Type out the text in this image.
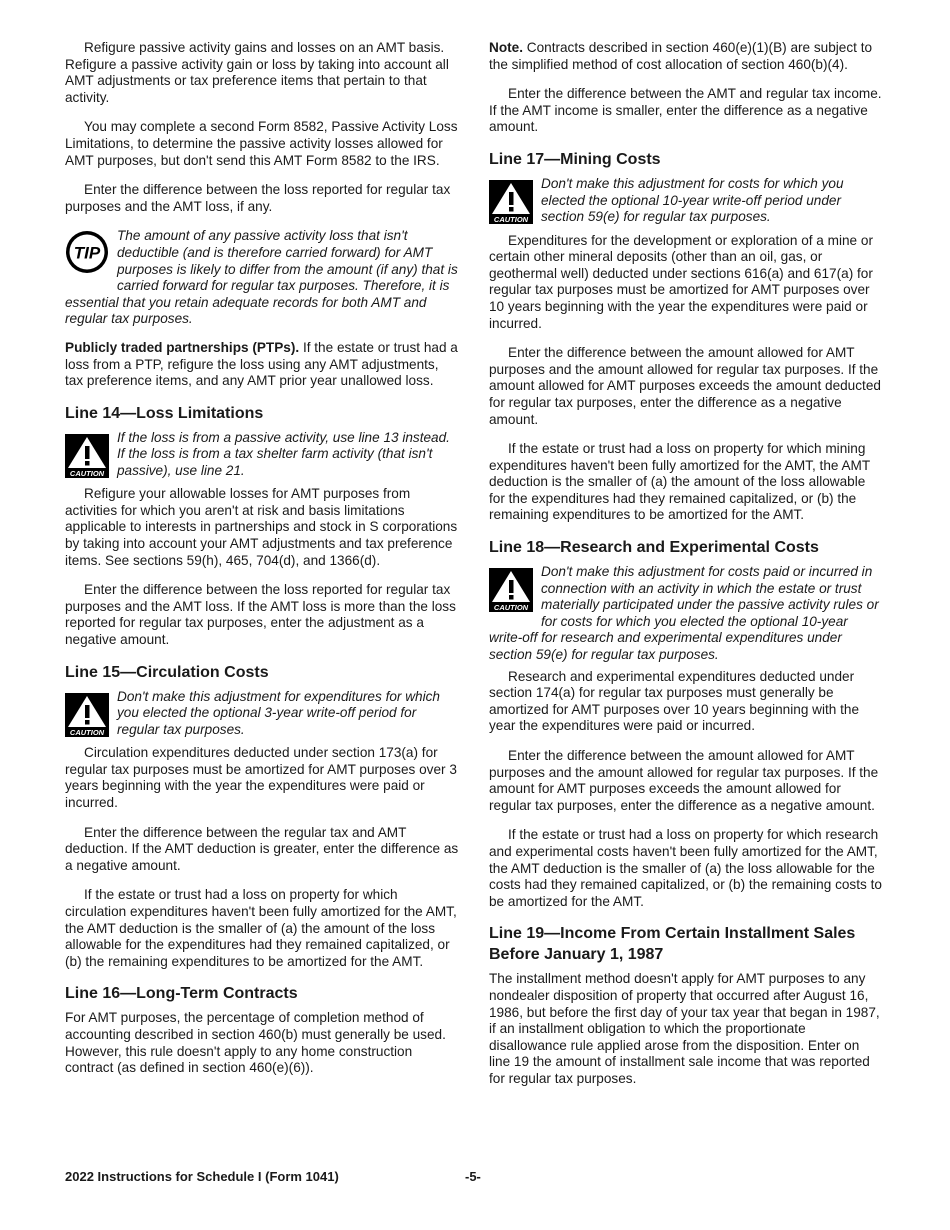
Refigure passive activity gains and losses on an AMT basis. Refigure a passive activity gain or loss by taking into account all AMT adjustments or tax preference items that pertain to that activity.

You may complete a second Form 8582, Passive Activity Loss Limitations, to determine the passive activity losses allowed for AMT purposes, but don't send this AMT Form 8582 to the IRS.

Enter the difference between the loss reported for regular tax purposes and the AMT loss, if any.

TIP
The amount of any passive activity loss that isn't deductible (and is therefore carried forward) for AMT purposes is likely to differ from the amount (if any) that is carried forward for regular tax purposes. Therefore, it is essential that you retain adequate records for both AMT and regular tax purposes.

Publicly traded partnerships (PTPs). If the estate or trust had a loss from a PTP, refigure the loss using any AMT adjustments, tax preference items, and any AMT prior year unallowed loss.

Line 14—Loss Limitations
CAUTION
If the loss is from a passive activity, use line 13 instead. If the loss is from a tax shelter farm activity (that isn't passive), use line 21.

Refigure your allowable losses for AMT purposes from activities for which you aren't at risk and basis limitations applicable to interests in partnerships and stock in S corporations by taking into account your AMT adjustments and tax preference items. See sections 59(h), 465, 704(d), and 1366(d).

Enter the difference between the loss reported for regular tax purposes and the AMT loss. If the AMT loss is more than the loss reported for regular tax purposes, enter the adjustment as a negative amount.

Line 15—Circulation Costs
CAUTION
Don't make this adjustment for expenditures for which you elected the optional 3-year write-off period for regular tax purposes.

Circulation expenditures deducted under section 173(a) for regular tax purposes must be amortized for AMT purposes over 3 years beginning with the year the expenditures were paid or incurred.

Enter the difference between the regular tax and AMT deduction. If the AMT deduction is greater, enter the difference as a negative amount.

If the estate or trust had a loss on property for which circulation expenditures haven't been fully amortized for the AMT, the AMT deduction is the smaller of (a) the amount of the loss allowable for the expenditures had they remained capitalized, or (b) the remaining expenditures to be amortized for the AMT.

Line 16—Long-Term Contracts

For AMT purposes, the percentage of completion method of accounting described in section 460(b) must generally be used. However, this rule doesn't apply to any home construction contract (as defined in section 460(e)(6)).

Note. Contracts described in section 460(e)(1)(B) are subject to the simplified method of cost allocation of section 460(b)(4).

Enter the difference between the AMT and regular tax income. If the AMT income is smaller, enter the difference as a negative amount.

Line 17—Mining Costs
CAUTION
Don't make this adjustment for costs for which you elected the optional 10-year write-off period under section 59(e) for regular tax purposes.

Expenditures for the development or exploration of a mine or certain other mineral deposits (other than an oil, gas, or geothermal well) deducted under sections 616(a) and 617(a) for regular tax purposes must be amortized for AMT purposes over 10 years beginning with the year the expenditures were paid or incurred.

Enter the difference between the amount allowed for AMT purposes and the amount allowed for regular tax purposes. If the amount allowed for AMT purposes exceeds the amount deducted for regular tax purposes, enter the difference as a negative amount.

If the estate or trust had a loss on property for which mining expenditures haven't been fully amortized for the AMT, the AMT deduction is the smaller of (a) the amount of the loss allowable for the expenditures had they remained capitalized, or (b) the remaining expenditures to be amortized for the AMT.

Line 18—Research and Experimental Costs
CAUTION
Don't make this adjustment for costs paid or incurred in connection with an activity in which the estate or trust materially participated under the passive activity rules or for costs for which you elected the optional 10-year write-off for research and experimental expenditures under section 59(e) for regular tax purposes.

Research and experimental expenditures deducted under section 174(a) for regular tax purposes must generally be amortized for AMT purposes over 10 years beginning with the year the expenditures were paid or incurred.

Enter the difference between the amount allowed for AMT purposes and the amount allowed for regular tax purposes. If the amount for AMT purposes exceeds the amount allowed for regular tax purposes, enter the difference as a negative amount.

If the estate or trust had a loss on property for which research and experimental costs haven't been fully amortized for the AMT, the AMT deduction is the smaller of (a) the loss allowable for the costs had they remained capitalized, or (b) the remaining costs to be amortized for the AMT.

Line 19—Income From Certain Installment Sales Before January 1, 1987

The installment method doesn't apply for AMT purposes to any nondealer disposition of property that occurred after August 16, 1986, but before the first day of your tax year that began in 1987, if an installment obligation to which the proportionate disallowance rule applied arose from the disposition. Enter on line 19 the amount of installment sale income that was reported for regular tax purposes.

2022 Instructions for Schedule I (Form 1041)	-5-
